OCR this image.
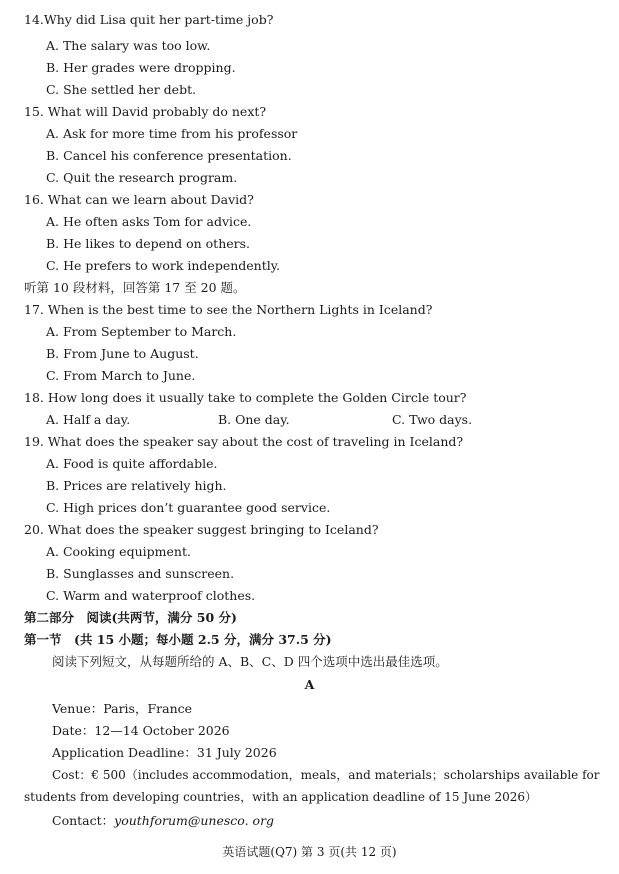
14.Why did Lisa quit her part-time job?
A. The salary was too low.
B. Her grades were dropping.
C. She settled her debt.
15. What will David probably do next?
A. Ask for more time from his professor
B. Cancel his conference presentation.
C. Quit the research program.
16. What can we learn about David?
A. He often asks Tom for advice.
B. He likes to depend on others.
C. He prefers to work independently.
听第 10 段材料，回答第 17 至 20 题。
17. When is the best time to see the Northern Lights in Iceland?
A. From September to March.
B. From June to August.
C. From March to June.
18. How long does it usually take to complete the Golden Circle tour?
A. Half a day.	B. One day.	C. Two days.
19. What does the speaker say about the cost of traveling in Iceland?
A. Food is quite affordable.
B. Prices are relatively high.
C. High prices don’t guarantee good service.
20. What does the speaker suggest bringing to Iceland?
A. Cooking equipment.
B. Sunglasses and sunscreen.
C. Warm and waterproof clothes.
第二部分　阅读(共两节，满分 50 分)
第一节　(共 15 小题；每小题 2.5 分，满分 37.5 分)
阅读下列短文，从每题所给的 A、B、C、D 四个选项中选出最佳选项。
A
Venue：Paris，France
Date：12—14 October 2026
Application Deadline：31 July 2026
Cost：€ 500（includes accommodation，meals，and materials；scholarships available for
students from developing countries，with an application deadline of 15 June 2026）
Contact：youthforum@unesco. org
英语试题(Q7) 第 3 页(共 12 页)
